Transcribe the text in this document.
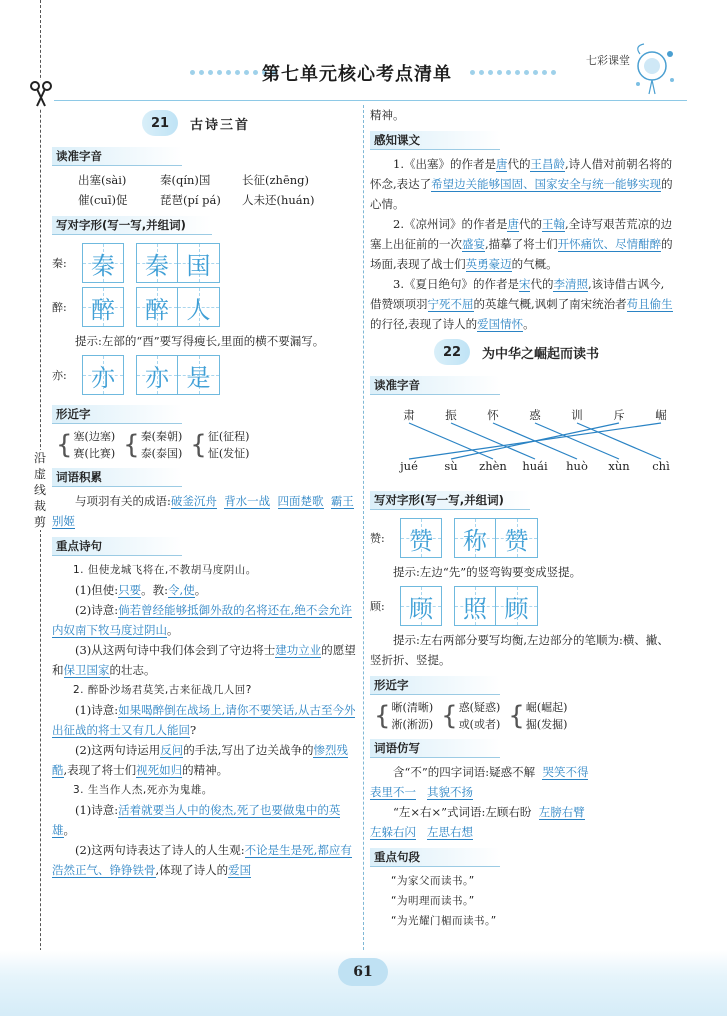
第七单元核心考点清单
七彩课堂
沿虚线裁剪
21	古诗三首
读准字音
出塞(sài)	秦(qín)国	长征(zhēng)
催(cuī)促	琵琶(pí pá)	人未还(huán)
写对字形(写一写,并组词)
秦:	秦 秦 国
醉:	醉 醉 人
提示:左部的“酉”要写得瘦长,里面的横不要漏写。
亦:	亦 亦 是
形近字
{ 塞(边塞)
赛(比赛) { 秦(秦朝)
泰(泰国) { 征(征程)
怔(发怔)
词语积累
与项羽有关的成语:破釜沉舟 背水一战 四面楚歌 霸王别姬
重点诗句
1. 但使龙城飞将在,不教胡马度阴山。
(1)但使:只要。教:令,使。
(2)诗意:倘若曾经能够抵御外敌的名将还在,绝不会允许内奴南下牧马度过阴山。
(3)从这两句诗中我们体会到了守边将士建功立业的愿望和保卫国家的壮志。
2. 醉卧沙场君莫笑,古来征战几人回?
(1)诗意:如果喝醉倒在战场上,请你不要笑话,从古至今外出征战的将士又有几人能回?
(2)这两句诗运用反问的手法,写出了边关战争的惨烈残酷,表现了将士们视死如归的精神。
3. 生当作人杰,死亦为鬼雄。
(1)诗意:活着就要当人中的俊杰,死了也要做鬼中的英雄。
(2)这两句诗表达了诗人的人生观:不论是生是死,都应有浩然正气、铮铮铁骨,体现了诗人的爱国
精神。
感知课文
1.《出塞》的作者是唐代的王昌龄,诗人借对前朝名将的怀念,表达了希望边关能够国固、国家安全与统一能够实现的心情。
2.《凉州词》的作者是唐代的王翰,全诗写艰苦荒凉的边塞上出征前的一次盛宴,描摹了将士们开怀痛饮、尽情酣醉的场面,表现了战士们英勇豪迈的气概。
3.《夏日绝句》的作者是宋代的李清照,该诗借古讽今,借赞颂项羽宁死不屈的英雄气概,讽刺了南宋统治者苟且偷生的行径,表现了诗人的爱国情怀。
22	为中华之崛起而读书
读准字音
肃	振	怀	惑	训	斥	崛
jué	sù	zhèn	huái	huò	xùn	chì
写对字形(写一写,并组词)
赞:	赞 称 赞
提示:左边“先”的竖弯钩要变成竖提。
顾:	顾 照 顾
提示:左右两部分要写均衡,左边部分的笔顺为:横、撇、竖折折、竖提。
形近字
{ 晰(清晰)
淅(淅沥) { 惑(疑惑)
或(或者) { 崛(崛起)
掘(发掘)
词语仿写
含“不”的四字词语:疑惑不解 哭笑不得
表里不一 其貌不扬
“左×右×”式词语:左顾右盼 左膀右臂
左躲右闪 左思右想
重点句段
“为家父而读书。”
“为明理而读书。”
“为光耀门楣而读书。”
61
